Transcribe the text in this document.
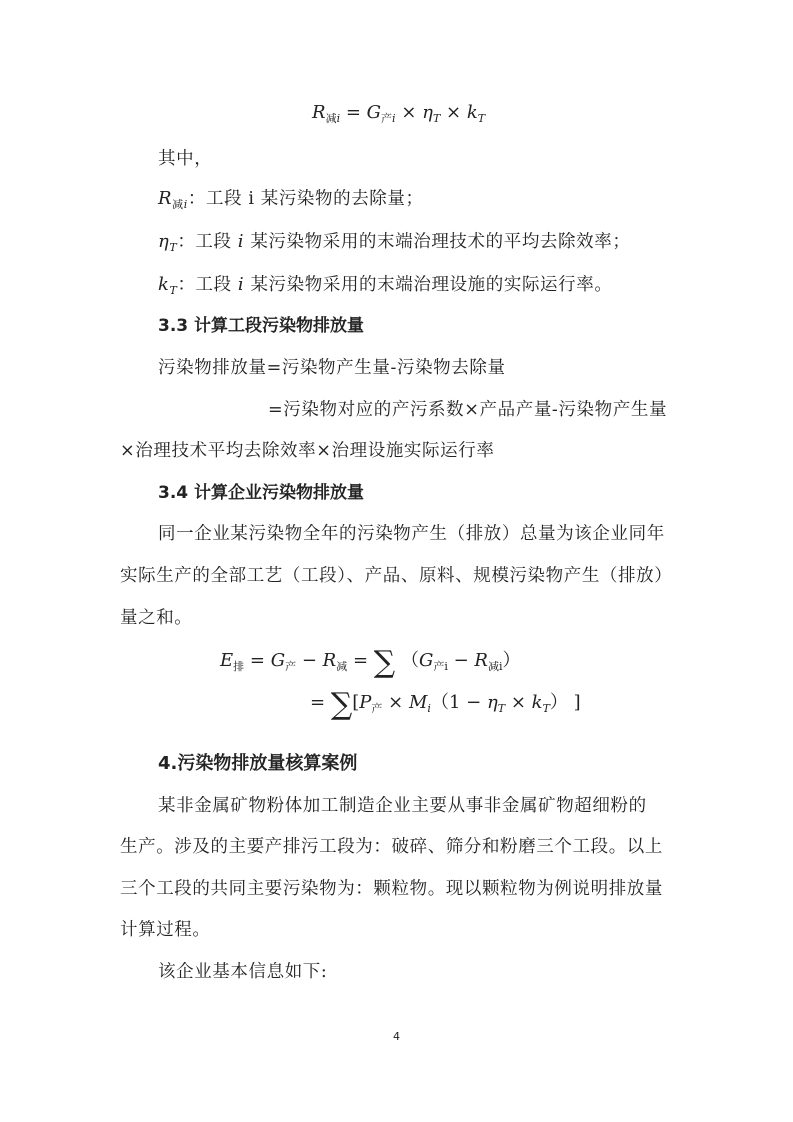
$R_{减i} = G_{产i} \times \eta_T \times k_T$
其中，
$R_{减i}$：工段 i 某污染物的去除量；
$\eta_T$：工段 i 某污染物采用的末端治理技术的平均去除效率；
$k_T$：工段 i 某污染物采用的末端治理设施的实际运行率。
3.3 计算工段污染物排放量
污染物排放量=污染物产生量-污染物去除量
=污染物对应的产污系数×产品产量-污染物产生量
×治理技术平均去除效率×治理设施实际运行率
3.4 计算企业污染物排放量
同一企业某污染物全年的污染物产生（排放）总量为该企业同年
实际生产的全部工艺（工段）、产品、原料、规模污染物产生（排放）
量之和。
$E_排 = G_产 - R_减$ = ∑ $(G_{产i} - R_{减i})$
= $\sum[P_产 \times M_i(1 - \eta_T \times k_T)$ ]
4.污染物排放量核算案例
某非金属矿物粉体加工制造企业主要从事非金属矿物超细粉的
生产。涉及的主要产排污工段为：破碎、筛分和粉磨三个工段。以上
三个工段的共同主要污染物为：颗粒物。现以颗粒物为例说明排放量
计算过程。
该企业基本信息如下:
4
